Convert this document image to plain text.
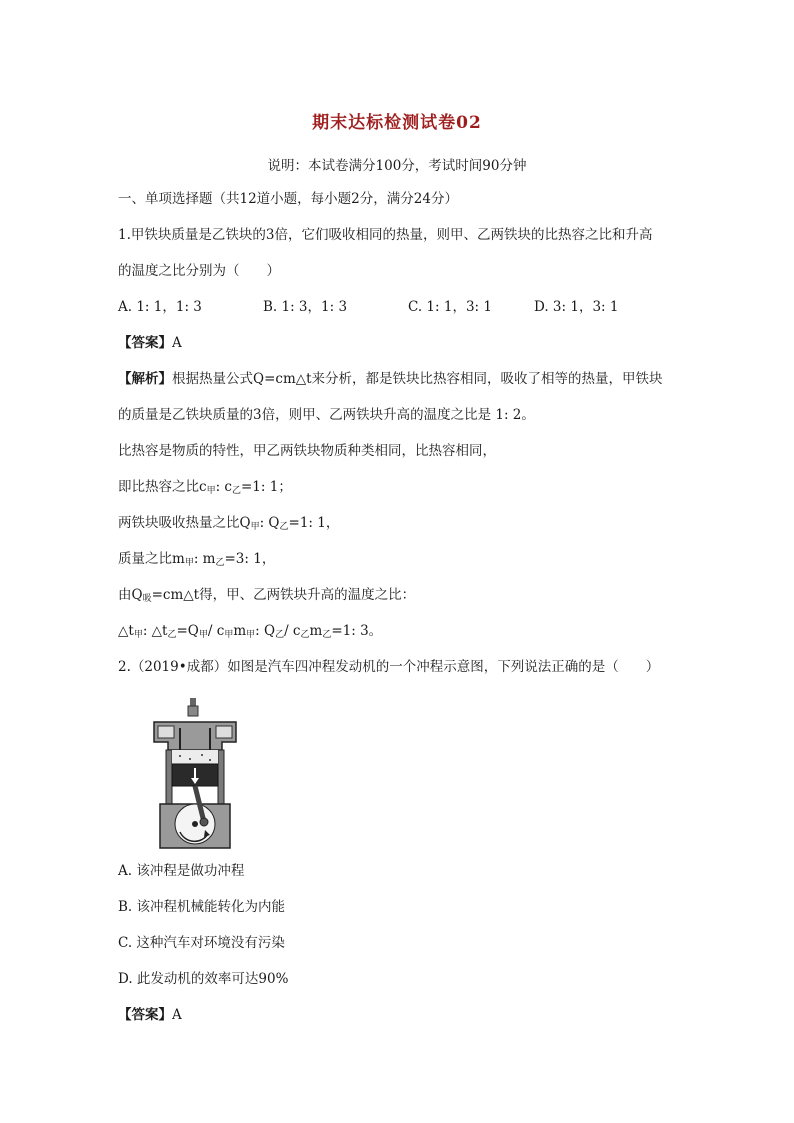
期末达标检测试卷02
说明：本试卷满分100分，考试时间90分钟
一、单项选择题（共12道小题，每小题2分，满分24分）
1.甲铁块质量是乙铁块的3倍，它们吸收相同的热量，则甲、乙两铁块的比热容之比和升高
的温度之比分别为（　　）
A. 1: 1，1: 3	B. 1: 3，1: 3	C. 1: 1，3: 1	D. 3: 1，3: 1
【答案】A
【解析】根据热量公式Q=cm△t来分析，都是铁块比热容相同，吸收了相等的热量，甲铁块
的质量是乙铁块质量的3倍，则甲、乙两铁块升高的温度之比是 1: 2。
比热容是物质的特性，甲乙两铁块物质种类相同，比热容相同，
即比热容之比$c_甲$: $c_乙=1$: 1；
两铁块吸收热量之比$Q_甲$: $Q_乙=1$: 1，
质量之比$m_甲$: $m_乙=3$: 1，
由$Q_吸=cm\triangle t$得，甲、乙两铁块升高的温度之比：
$\triangle t_甲$: $\triangle t_乙=Q_甲/$ $c_甲m_甲$: $Q_乙/$ $c_乙m_乙=1$: 3。
2.（2019•成都）如图是汽车四冲程发动机的一个冲程示意图，下列说法正确的是（　　）
A. 该冲程是做功冲程
B. 该冲程机械能转化为内能
C. 这种汽车对环境没有污染
D. 此发动机的效率可达90%
【答案】A
